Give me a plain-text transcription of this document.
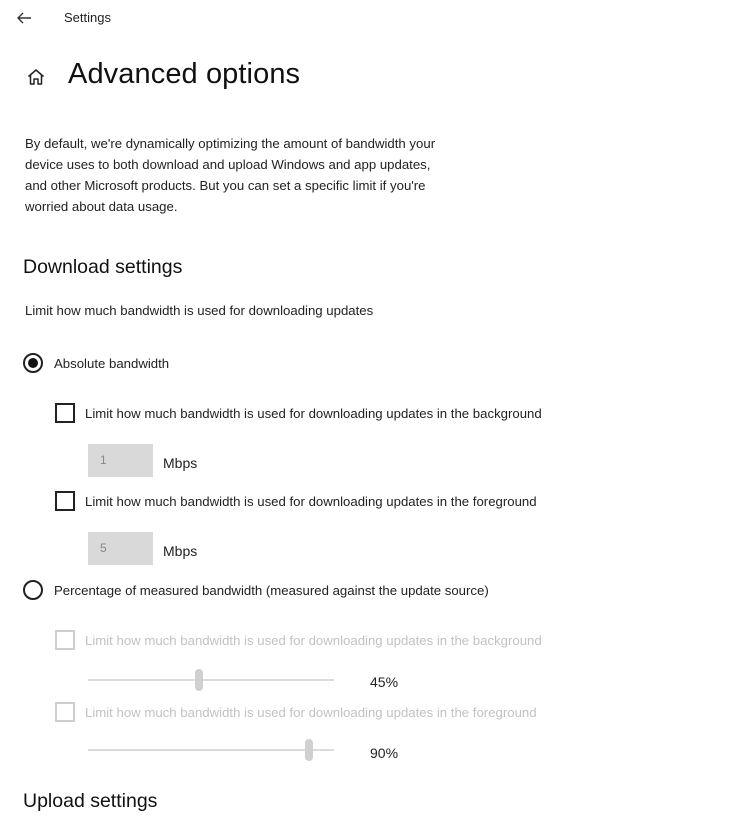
Settings
Advanced options
By default, we're dynamically optimizing the amount of bandwidth your
device uses to both download and upload Windows and app updates,
and other Microsoft products. But you can set a specific limit if you're
worried about data usage.
Download settings
Limit how much bandwidth is used for downloading updates
Absolute bandwidth
Limit how much bandwidth is used for downloading updates in the background
1	Mbps
Limit how much bandwidth is used for downloading updates in the foreground
5	Mbps
Percentage of measured bandwidth (measured against the update source)
Limit how much bandwidth is used for downloading updates in the background
45%
Limit how much bandwidth is used for downloading updates in the foreground
90%
Upload settings
